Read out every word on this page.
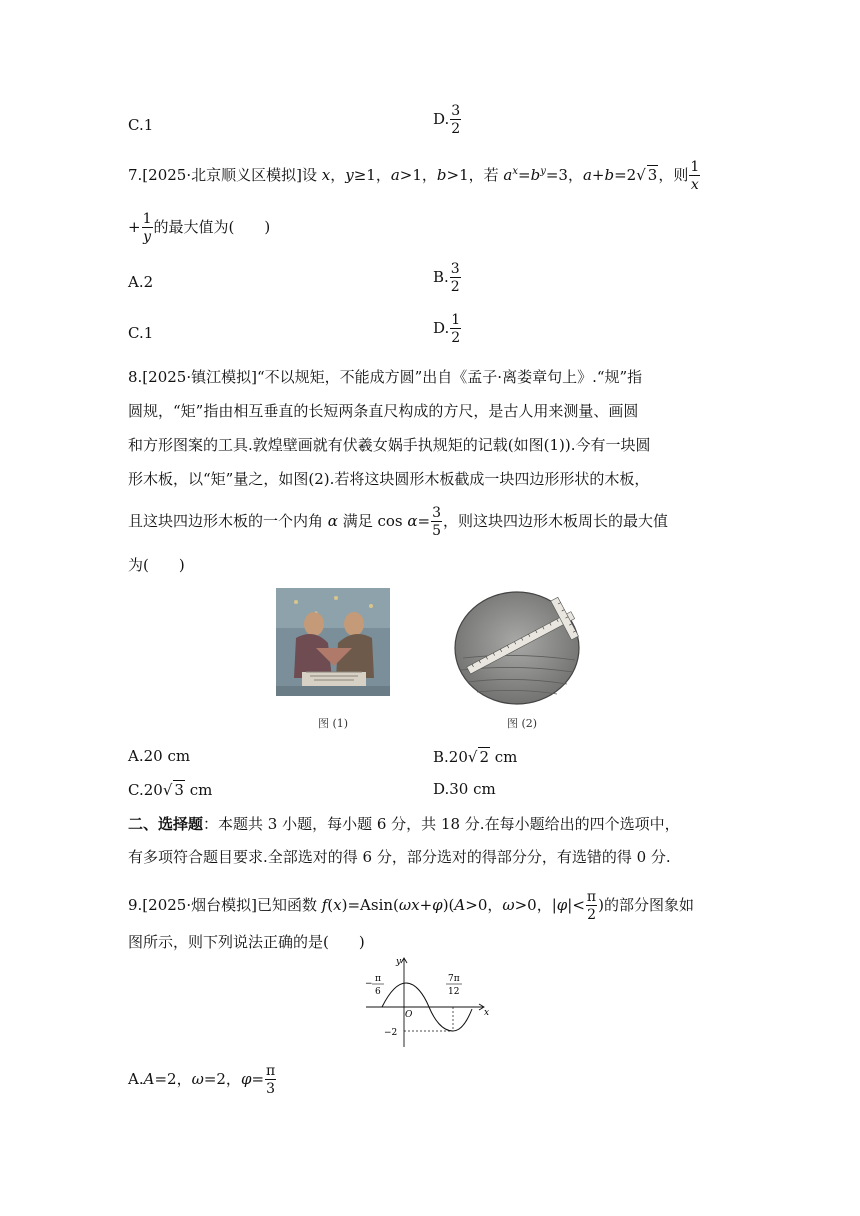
C.1	D. $\frac{3}{2}$
7.[2025·北京顺义区模拟]设 x，y≥1，a>1，b>1，若 $a^x=b^y=3$，a+b=2√ 3，则 $\frac{1}{x}$
+ $\frac{1}{y}$ 的最大值为(　　)
A.2	B. $\frac{3}{2}$
C.1	D. $\frac{1}{2}$
8.[2025·镇江模拟]“不以规矩，不能成方圆”出自《孟子·离娄章句上》.“规”指
圆规，“矩”指由相互垂直的长短两条直尺构成的方尺，是古人用来测量、画圆
和方形图案的工具.敦煌壁画就有伏羲女娲手执规矩的记载(如图(1)).今有一块圆
形木板，以“矩”量之，如图(2).若将这块圆形木板截成一块四边形形状的木板，
且这块四边形木板的一个内角 α 满足 $\cos \alpha= \frac{3}{5}$ ，则这块四边形木板周长的最大值
为(　　)
图 (1)	图 (2)
A.20 cm	B.20√ 2 cm
C.20√ 3 cm	D.30 cm
二、选择题：本题共 3 小题，每小题 6 分，共 18 分.在每小题给出的四个选项中，
有多项符合题目要求.全部选对的得 6 分，部分选对的得部分分，有选错的得 0 分.
9.[2025·烟台模拟]已知函数 f(x)=Asin(ωx+φ)(A>0，ω>0，$|\varphi|< \frac{\pi}{2}$ )的部分图象如
图所示，则下列说法正确的是(　　)
y
x
O
− π
6
7π
12
−2
A.A=2，ω=2，$\varphi= \frac{\pi}{3}$
